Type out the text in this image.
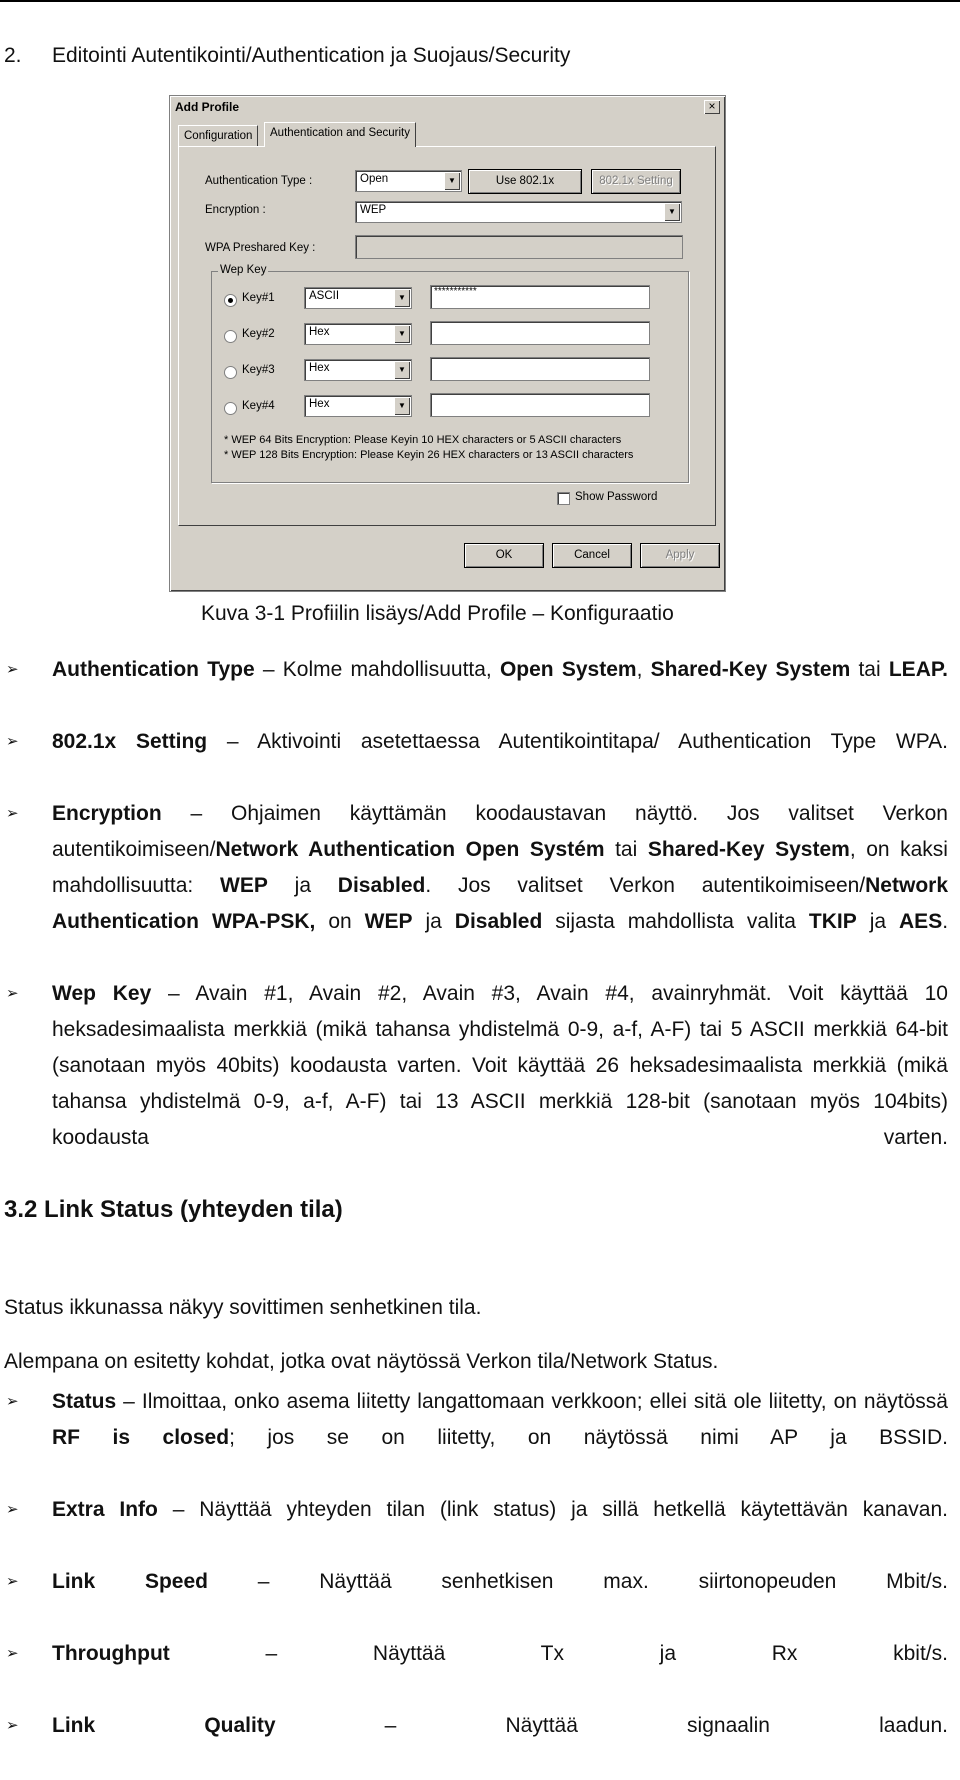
2. Editointi Autentikointi/Authentication ja Suojaus/Security
Add Profile	×
Configuration	Authentication and Security
Authentication Type :	Open	▼	Use 802.1x	802.1x Setting
Encryption :	WEP	▼
WPA Preshared Key :
Wep Key
Key#1	ASCII	▼
***********
Key#2	Hex	▼
Key#3	Hex	▼
Key#4	Hex	▼
* WEP 64 Bits Encryption: Please Keyin 10 HEX characters or 5 ASCII characters
* WEP 128 Bits Encryption: Please Keyin 26 HEX characters or 13 ASCII characters
Show Password
OK	Cancel	Apply
Kuva 3-1 Profiilin lisäys/Add Profile – Konfiguraatio

➢ Authentication Type – Kolme mahdollisuutta, Open System, Shared-Key System tai LEAP.

➢ 802.1x Setting – Aktivointi asetettaessa Autentikointitapa/ Authentication Type WPA.

➢ Encryption – Ohjaimen käyttämän koodaustavan näyttö. Jos valitset Verkon autentikoimiseen/Network Authentication Open Systém tai Shared-Key System, on kaksi mahdollisuutta: WEP ja Disabled. Jos valitset Verkon autentikoimiseen/Network Authentication WPA-PSK, on WEP ja Disabled sijasta mahdollista valita TKIP ja AES.

➢ Wep Key – Avain #1, Avain #2, Avain #3, Avain #4, avainryhmät. Voit käyttää 10 heksadesimaalista merkkiä (mikä tahansa yhdistelmä 0-9, a-f, A-F) tai 5 ASCII merkkiä 64-bit (sanotaan myös 40bits) koodausta varten. Voit käyttää 26 heksadesimaalista merkkiä (mikä tahansa yhdistelmä 0-9, a-f, A-F) tai 13 ASCII merkkiä 128-bit (sanotaan myös 104bits) koodausta varten.

3.2 Link Status (yhteyden tila)
Status ikkunassa näkyy sovittimen senhetkinen tila.
Alempana on esitetty kohdat, jotka ovat näytössä Verkon tila/Network Status.

➢ Status – Ilmoittaa, onko asema liitetty langattomaan verkkoon; ellei sitä ole liitetty, on näytössä RF is closed; jos se on liitetty, on näytössä nimi AP ja BSSID.

➢ Extra Info – Näyttää yhteyden tilan (link status) ja sillä hetkellä käytettävän kanavan.

➢ Link Speed – Näyttää senhetkisen max. siirtonopeuden Mbit/s.

➢ Throughput – Näyttää Tx ja Rx kbit/s.

➢ Link Quality – Näyttää signaalin laadun.
